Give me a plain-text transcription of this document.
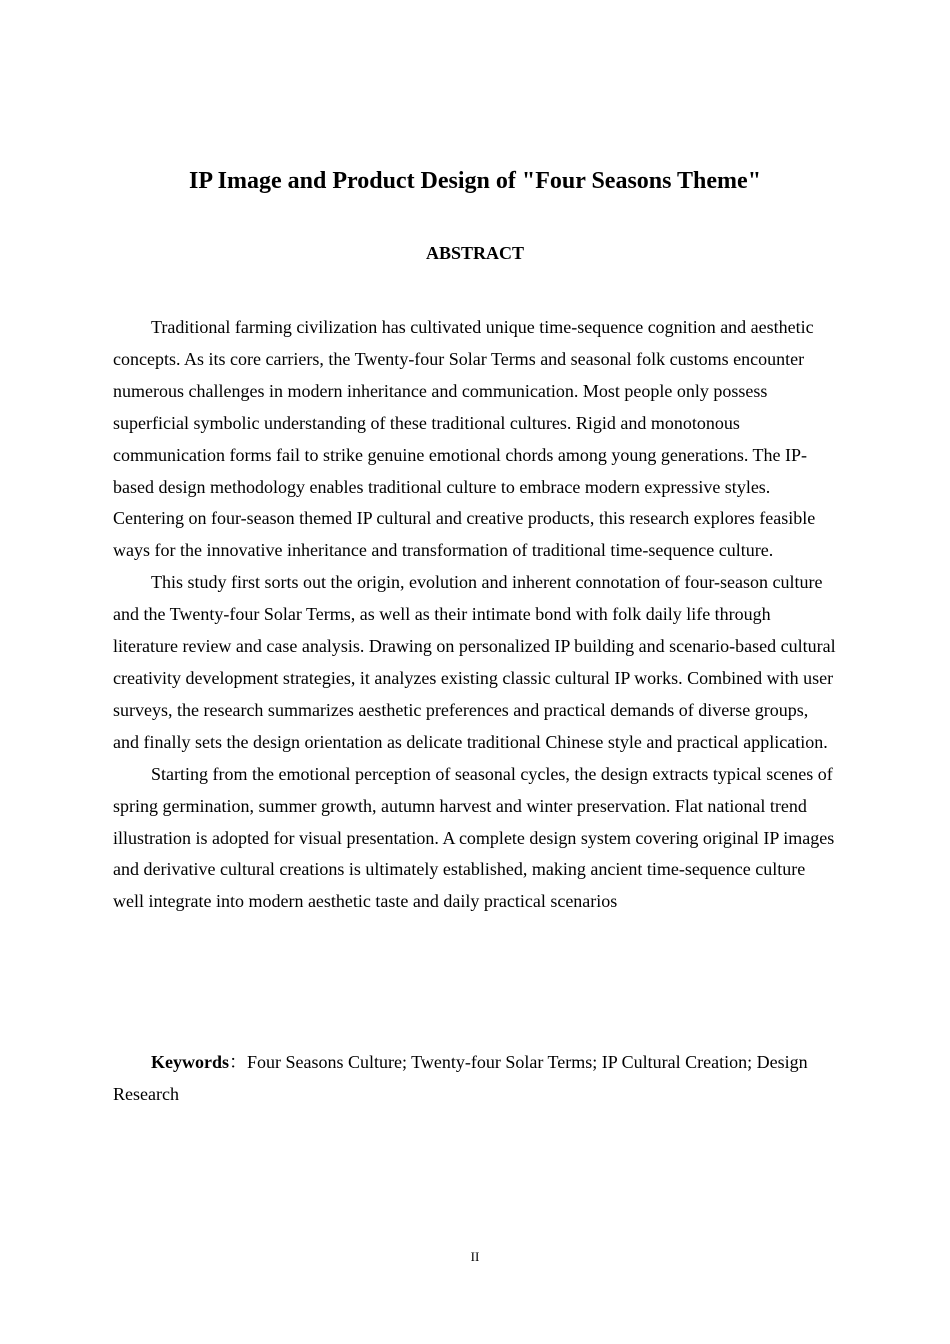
IP Image and Product Design of "Four Seasons Theme"
ABSTRACT

Traditional farming civilization has cultivated unique time-sequence cognition and aesthetic concepts. As its core carriers, the Twenty-four Solar Terms and seasonal folk customs encounter numerous challenges in modern inheritance and communication. Most people only possess superficial symbolic understanding of these traditional cultures. Rigid and monotonous communication forms fail to strike genuine emotional chords among young generations. The IP-based design methodology enables traditional culture to embrace modern expressive styles. Centering on four-season themed IP cultural and creative products, this research explores feasible ways for the innovative inheritance and transformation of traditional time-sequence culture.

This study first sorts out the origin, evolution and inherent connotation of four-season culture and the Twenty-four Solar Terms, as well as their intimate bond with folk daily life through literature review and case analysis. Drawing on personalized IP building and scenario-based cultural creativity development strategies, it analyzes existing classic cultural IP works. Combined with user surveys, the research summarizes aesthetic preferences and practical demands of diverse groups, and finally sets the design orientation as delicate traditional Chinese style and practical application.

Starting from the emotional perception of seasonal cycles, the design extracts typical scenes of spring germination, summer growth, autumn harvest and winter preservation. Flat national trend illustration is adopted for visual presentation. A complete design system covering original IP images and derivative cultural creations is ultimately established, making ancient time-sequence culture well integrate into modern aesthetic taste and daily practical scenarios

Keywords：Four Seasons Culture; Twenty-four Solar Terms; IP Cultural Creation; Design Research

II
